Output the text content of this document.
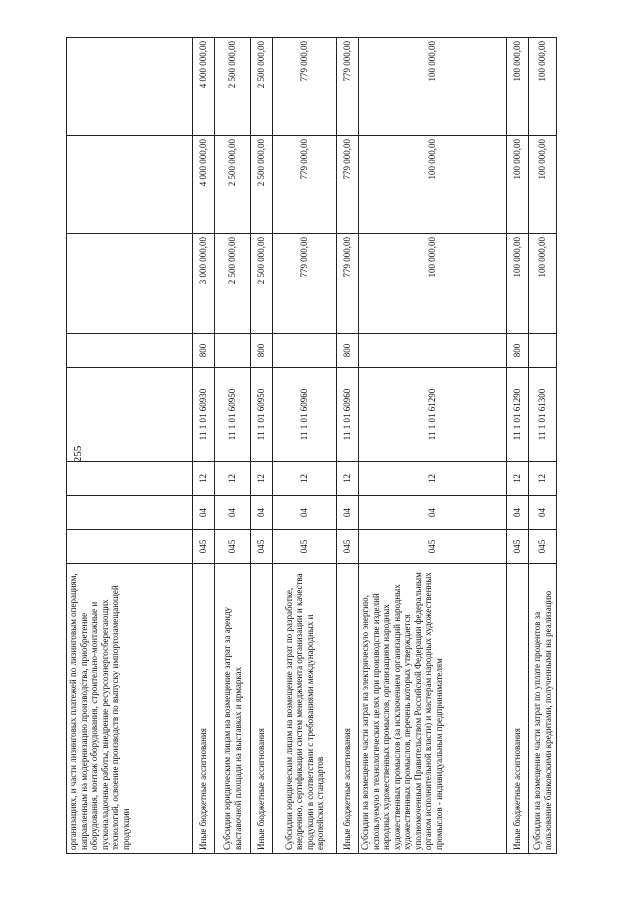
255
организациях, и части лизинговых платежей по лизинговым операциям, направленным на модернизацию производства, приобретение оборудования, монтаж оборудования, строительно-монтажные и пусконаладочные работы, внедрение ресурсоэнергосберегающих технологий, освоение производств по выпуску импортозамещающей продукции								
Иные бюджетные ассигнования	045	04	12	11 1 01 60930	800	3 000 000,00	4 000 000,00	4 000 000,00
Субсидии юридическим лицам на возмещение затрат за аренду выставочной площади на выставках и ярмарках	045	04	12	11 1 01 60950		2 500 000,00	2 500 000,00	2 500 000,00
Иные бюджетные ассигнования	045	04	12	11 1 01 60950	800	2 500 000,00	2 500 000,00	2 500 000,00
Субсидии юридическим лицам на возмещение затрат по разработке, внедрению, сертификации систем менеджмента организации и качества продукции в соответствии с требованиями международных и европейских стандартов	045	04	12	11 1 01 60960		779 000,00	779 000,00	779 000,00
Иные бюджетные ассигнования	045	04	12	11 1 01 60960	800	779 000,00	779 000,00	779 000,00
Субсидии на возмещение части затрат на электрическую энергию, используемую в технологических целях при производстве изделий народных художественных промыслов, организациям народных художественных промыслов (за исключением организаций народных художественных промыслов, перечень которых утверждается уполномоченным Правительством Российской Федерации федеральным органом исполнительной власти) и мастерам народных художественных промыслов - индивидуальным предпринимателям	045	04	12	11 1 01 61290		100 000,00	100 000,00	100 000,00
Иные бюджетные ассигнования	045	04	12	11 1 01 61290	800	100 000,00	100 000,00	100 000,00
Субсидии на возмещение части затрат по уплате процентов за пользование банковскими кредитами, полученными на реализацию	045	04	12	11 1 01 61300		100 000,00	100 000,00	100 000,00
